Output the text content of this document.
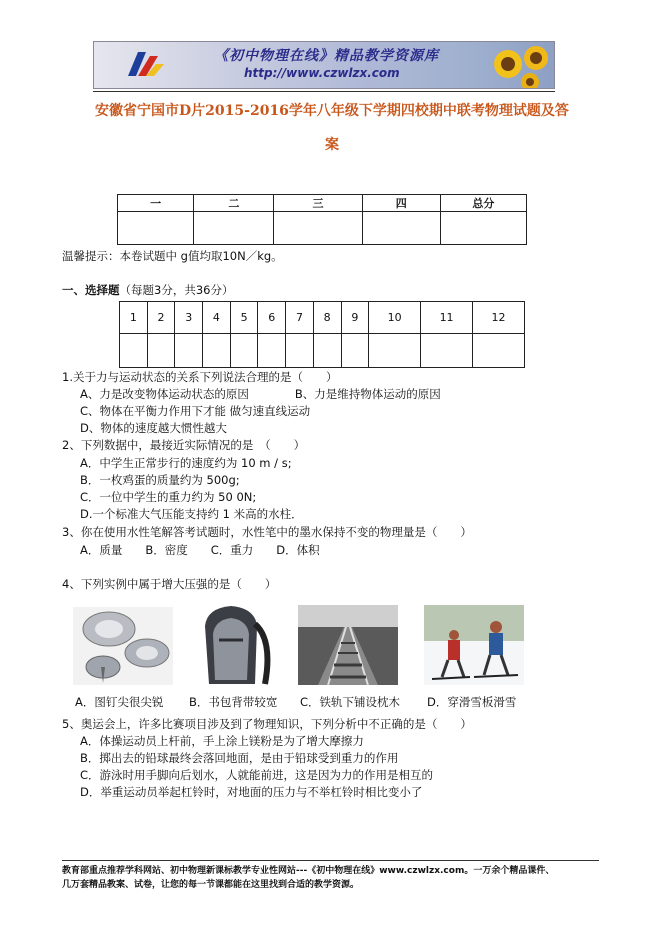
《初中物理在线》精品教学资源库
http://www.czwlzx.com
安徽省宁国市D片2015-2016学年八年级下学期四校期中联考物理试题及答
案
一	二	三	四	总分

温馨提示：本卷试题中 g值均取10N／kg。
一、选择题（每题3分，共36分）
1	2	3	4	5	6	7	8	9	10	11	12

1.关于力与运动状态的关系下列说法合理的是（　　）
A、力是改变物体运动状态的原因　　　　B、力是维持物体运动的原因
C、物体在平衡力作用下才能 做匀速直线运动
D、物体的速度越大惯性越大
2、下列数据中，最接近实际情况的是　（　　）
A．中学生正常步行的速度约为 10 m / s;
B．一枚鸡蛋的质量约为 500g;
C．一位中学生的重力约为 50 0N;
D.一个标准大气压能支持约 1 米高的水柱．
3、你在使用水性笔解答考试题时，水性笔中的墨水保持不变的物理量是（　　）
A．质量　　B．密度　　C．重力　　D．体积
4、下列实例中属于增大压强的是（　　）
A．图钉尖很尖锐 B．书包背带较宽 C．铁轨下铺设枕木 D．穿滑雪板滑雪
5、奥运会上，许多比赛项目涉及到了物理知识，下列分析中不正确的是（　　）
A．体操运动员上杆前，手上涂上镁粉是为了增大摩擦力
B．掷出去的铅球最终会落回地面，是由于铅球受到重力的作用
C．游泳时用手脚向后划水，人就能前进，这是因为力的作用是相互的
D．举重运动员举起杠铃时，对地面的压力与不举杠铃时相比变小了
教育部重点推荐学科网站、初中物理新课标教学专业性网站---《初中物理在线》www.czwlzx.com。一万余个精品课件、
几万套精品教案、试卷，让您的每一节课都能在这里找到合适的教学资源。
